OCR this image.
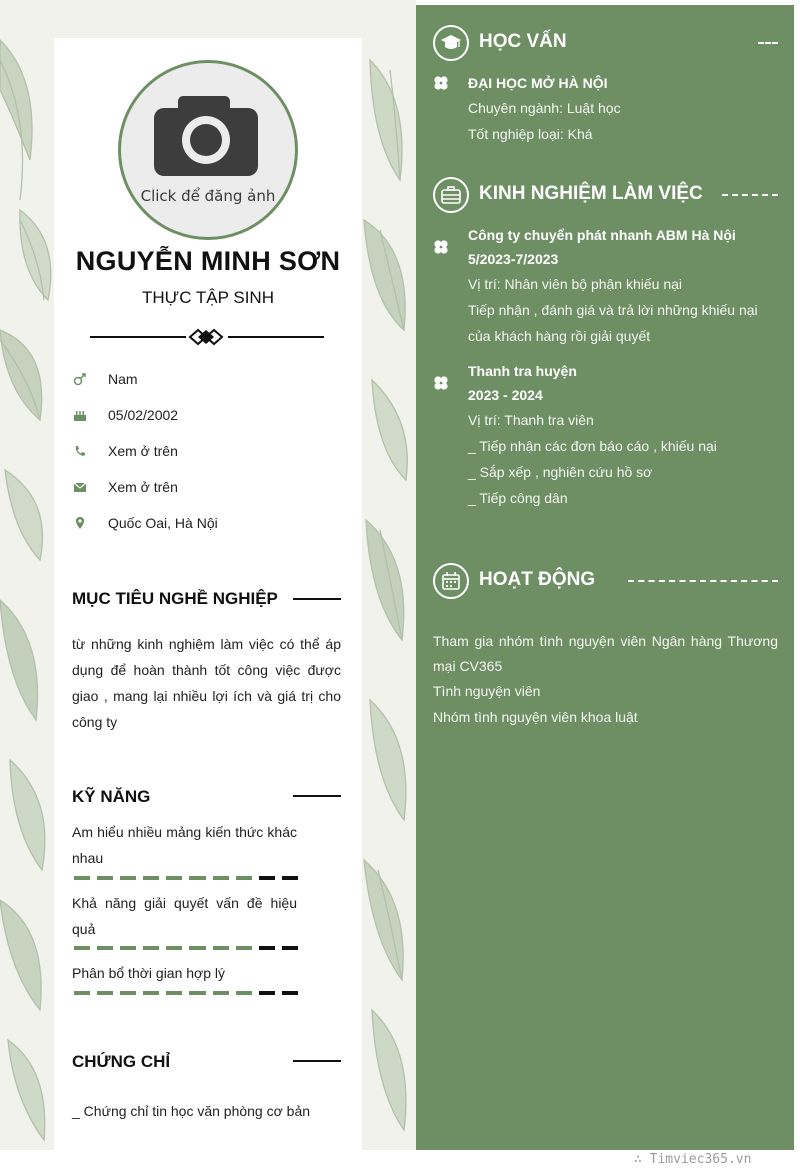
Click để đăng ảnh
NGUYỄN MINH SƠN
THỰC TẬP SINH
Nam
05/02/2002
Xem ở trên
Xem ở trên
Quốc Oai, Hà Nội
MỤC TIÊU NGHỀ NGHIỆP
từ những kinh nghiệm làm việc có thể áp dụng để hoàn thành tốt công việc được giao , mang lại nhiều lợi ích và giá trị cho công ty
KỸ NĂNG
Am hiểu nhiều mảng kiến thức khác nhau
Khả năng giải quyết vấn đề hiệu quả
Phân bổ thời gian hợp lý
CHỨNG CHỈ
_ Chứng chỉ tin học văn phòng cơ bản
HỌC VẤN
ĐẠI HỌC MỞ HÀ NỘI
Chuyên ngành: Luật học
Tốt nghiệp loại: Khá
KINH NGHIỆM LÀM VIỆC
Công ty chuyển phát nhanh ABM Hà Nội
5/2023-7/2023
Vị trí: Nhân viên bộ phận khiếu nại
Tiếp nhận , đánh giá và trả lời những khiếu nại của khách hàng rồi giải quyết
Thanh tra huyện
2023 - 2024
Vị trí: Thanh tra viên
_ Tiếp nhận các đơn báo cáo , khiếu nại
_ Sắp xếp , nghiên cứu hồ sơ
_ Tiếp công dân
HOẠT ĐỘNG
Tham gia nhóm tình nguyện viên Ngân hàng Thương mại CV365
Tình nguyện viên
Nhóm tình nguyện viên khoa luật
∴ Timviec365.vn
